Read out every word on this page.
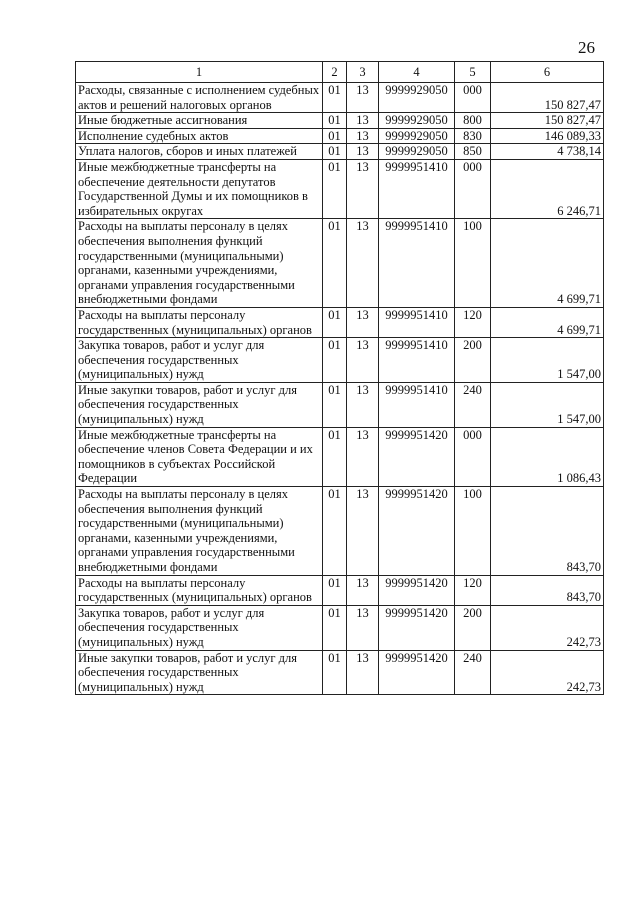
26
1	2	3	4	5	6
Расходы, связанные с исполнением судебных актов и решений налоговых органов	01	13	9999929050	000	150 827,47
Иные бюджетные ассигнования	01	13	9999929050	800	150 827,47
Исполнение судебных актов	01	13	9999929050	830	146 089,33
Уплата налогов, сборов и иных платежей	01	13	9999929050	850	4 738,14
Иные межбюджетные трансферты на обеспечение деятельности депутатов Государственной Думы и их помощников в избирательных округах	01	13	9999951410	000	6 246,71
Расходы на выплаты персоналу в целях обеспечения выполнения функций государственными (муниципальными) органами, казенными учреждениями, органами управления государственными внебюджетными фондами	01	13	9999951410	100	4 699,71
Расходы на выплаты персоналу государственных (муниципальных) органов	01	13	9999951410	120	4 699,71
Закупка товаров, работ и услуг для обеспечения государственных (муниципальных) нужд	01	13	9999951410	200	1 547,00
Иные закупки товаров, работ и услуг для обеспечения государственных (муниципальных) нужд	01	13	9999951410	240	1 547,00
Иные межбюджетные трансферты на обеспечение членов Совета Федерации и их помощников в субъектах Российской Федерации	01	13	9999951420	000	1 086,43
Расходы на выплаты персоналу в целях обеспечения выполнения функций государственными (муниципальными) органами, казенными учреждениями, органами управления государственными внебюджетными фондами	01	13	9999951420	100	843,70
Расходы на выплаты персоналу государственных (муниципальных) органов	01	13	9999951420	120	843,70
Закупка товаров, работ и услуг для обеспечения государственных (муниципальных) нужд	01	13	9999951420	200	242,73
Иные закупки товаров, работ и услуг для обеспечения государственных (муниципальных) нужд	01	13	9999951420	240	242,73
